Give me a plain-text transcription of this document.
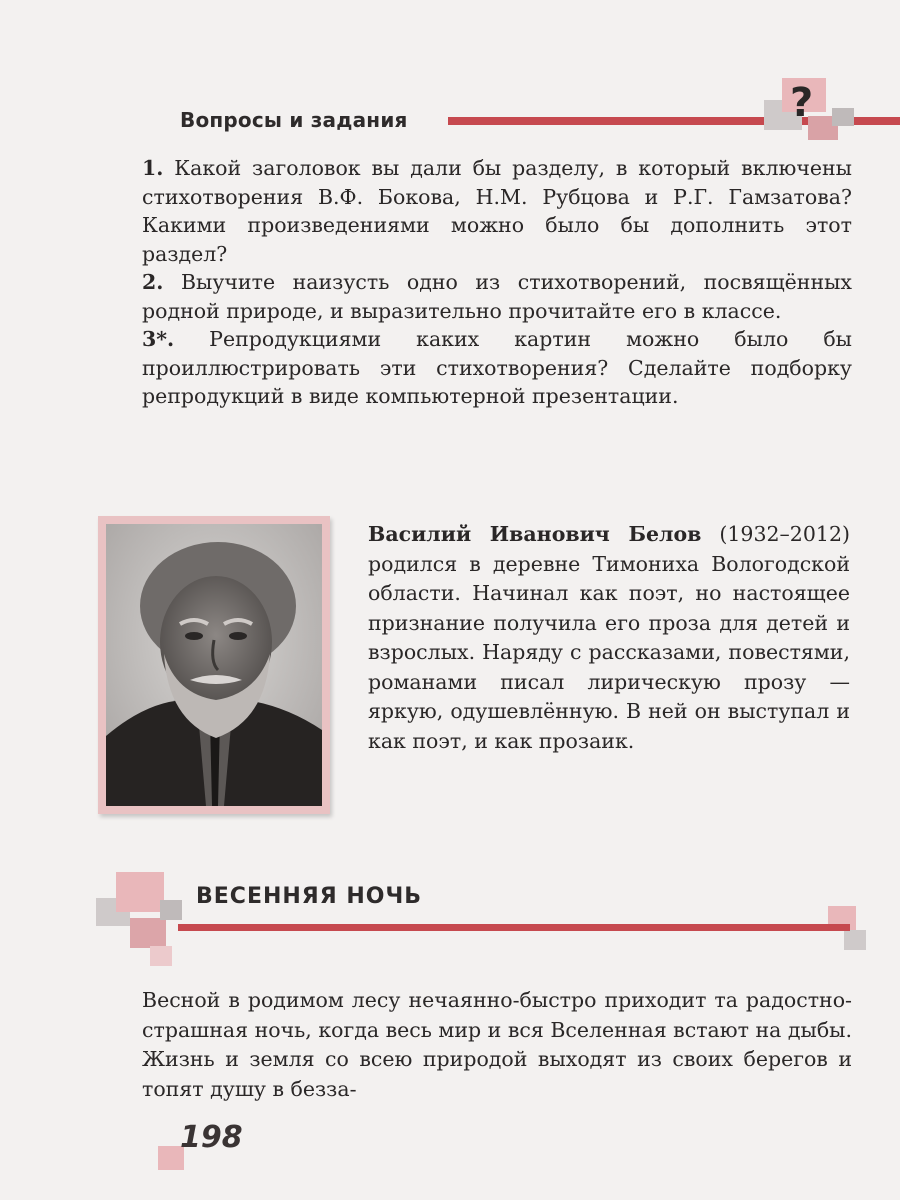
Вопросы и задания	?

1. Какой заголовок вы дали бы разделу, в который включены стихотворения В.Ф. Бокова, Н.М. Рубцова и Р.Г. Гамзатова? Какими произведениями можно было бы дополнить этот раздел?

2. Выучите наизусть одно из стихотворений, посвящённых родной природе, и выразительно прочитайте его в классе.

3*. Репродукциями каких картин можно было бы проиллюстрировать эти стихотворения? Сделайте подборку репродукций в виде компьютерной презентации.

Василий Иванович Белов (1932–2012) родился в деревне Тимониха Вологодской области. Начинал как поэт, но настоящее признание получила его проза для детей и взрослых. Наряду с рассказами, повестями, романами писал лирическую прозу — яркую, одушевлённую. В ней он выступал и как поэт, и как прозаик.

ВЕСЕННЯЯ НОЧЬ

Весной в родимом лесу нечаянно-быстро приходит та радостно-страшная ночь, когда весь мир и вся Вселенная встают на дыбы. Жизнь и земля со всею природой выходят из своих берегов и топят душу в безза-

198
